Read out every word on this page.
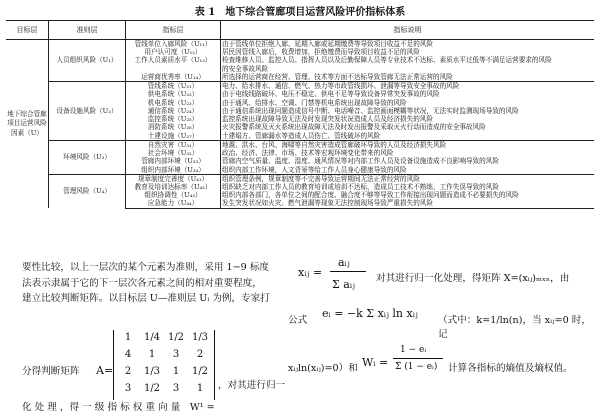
表 1　地下综合管廊项目运营风险评价指标体系
目标层	准则层	指标层	指标说明
地下综合管廊项目运营风险因素（U）	人员组织风险（U₁）	管线单位入廊风险（U₁₁）	由于管线单位拒绝入廊、延期入廊或延期缴费等导致项目收益不足的风险
		用户认可度（U₁₂）	居民因管线入廊后，收费增加，拒绝缴费而导致项目收益不足的风险
		工作人员素质水平（U₁₃）	检查维修人员、监控人员、指挥人员以及后勤保障人员等专业技术不达标、素质水平过低等不满足运营要求的风险
			的安全事故风险
		运营商优秀率（U₁₄）	所选择的运营商在经营、管理、技术等方面不达标导致管廊无法正常运营的风险
	设备设施风险（U₂）	管线系统（U₂₁）	电力、给水排水、通信、燃气、热力等市政管线损坏、泄漏等导致安全事故的风险
		供电系统（U₂₂）	由于电线线路破坏、电压不稳定、供电不足等导致设备异常突发事故的风险
		机电系统（U₂₃）	由于通风、给排水、空调、门禁等机电系统出现故障导致的风险
		通信系统（U₂₄）	由于通信系统出现问题造成信号中断、电话噪音、监控画面模糊等状况，无法实时监测现场导致的风险
		监控系统（U₂₅）	监控系统出现故障导致无法及时发现突发状况造成人员及经济损失的风险
		消防系统（U₂₆）	火灾报警系统及灭火系统出现故障无法及时发出报警及采取灭火行动而造成的安全事故风险
		土建设施（U₂₇）	土建塌方、管廊漏水等造成人员伤亡、管线破坏的风险
	环境风险（U₃）	自然灾害（U₃₁）	地震、洪水、台风、海啸等自然灾害造成管廊破坏导致的人员及经济损失风险
		社会环境（U₃₂）	政治、经济、法律、市场、技术等宏观环境变化带来的风险
		管廊内部环境（U₃₃）	管廊内空气质量、温度、湿度、通风情况等对内部工作人员及设备设施造成不良影响导致的风险
		组织内部环境（U₃₄）	组织内部工作环境，人文背景等给工作人员身心健康导致的风险
	管理风险（U₄）	规章制度完善度（U₄₁）	组织管理条例，规章制度等不完善导致运营期间无法正常经营的风险
		教育及培训达标率（U₄₂）	组织缺乏对内部工作人员的教育培训或培训不达标，造成员工技术不熟练，工作失误导致的风险
		组织协调性（U₄₃）	组织内部各部门，各单位之间的配合度、融合度不够等导致工作衔接出现问题而造成不必要损失的风险
		应急能力（U₄₄）	发生突发状况如火灾、燃气泄漏等现象无法控制现场导致严重损失的风险
要性比较，以上一层次的某个元素为准则，采用 1−9 标度
法表示隶属于它的下一层次各元素之间的相对重要程度，
建立比较判断矩阵。以目标层 U—准则层 Uᵢ 为例，专家打
分得判断矩阵 A=
1	1/4 1/2 1/3
4	1	3	2
2	1/3	1	1/2
3	1/2	3	1	，对其进行归一
化 处 理 ，得 一 级 指 标 权 重 向 量　W¹ =
xᵢⱼ =
aᵢⱼ
Σ aᵢⱼ 对其进行归一化处理，得矩阵 X=(xᵢⱼ)ₘₓₙ，由
公式
eᵢ = −k Σ xᵢⱼ ln xᵢⱼ
（式中：k=1/ln(n)，当 xᵢⱼ=0 时，记
xᵢⱼln(xᵢⱼ)=0）和 Wᵢ =
1 − eᵢ
Σ (1 − eᵢ) 计算各指标的熵值及熵权值。
